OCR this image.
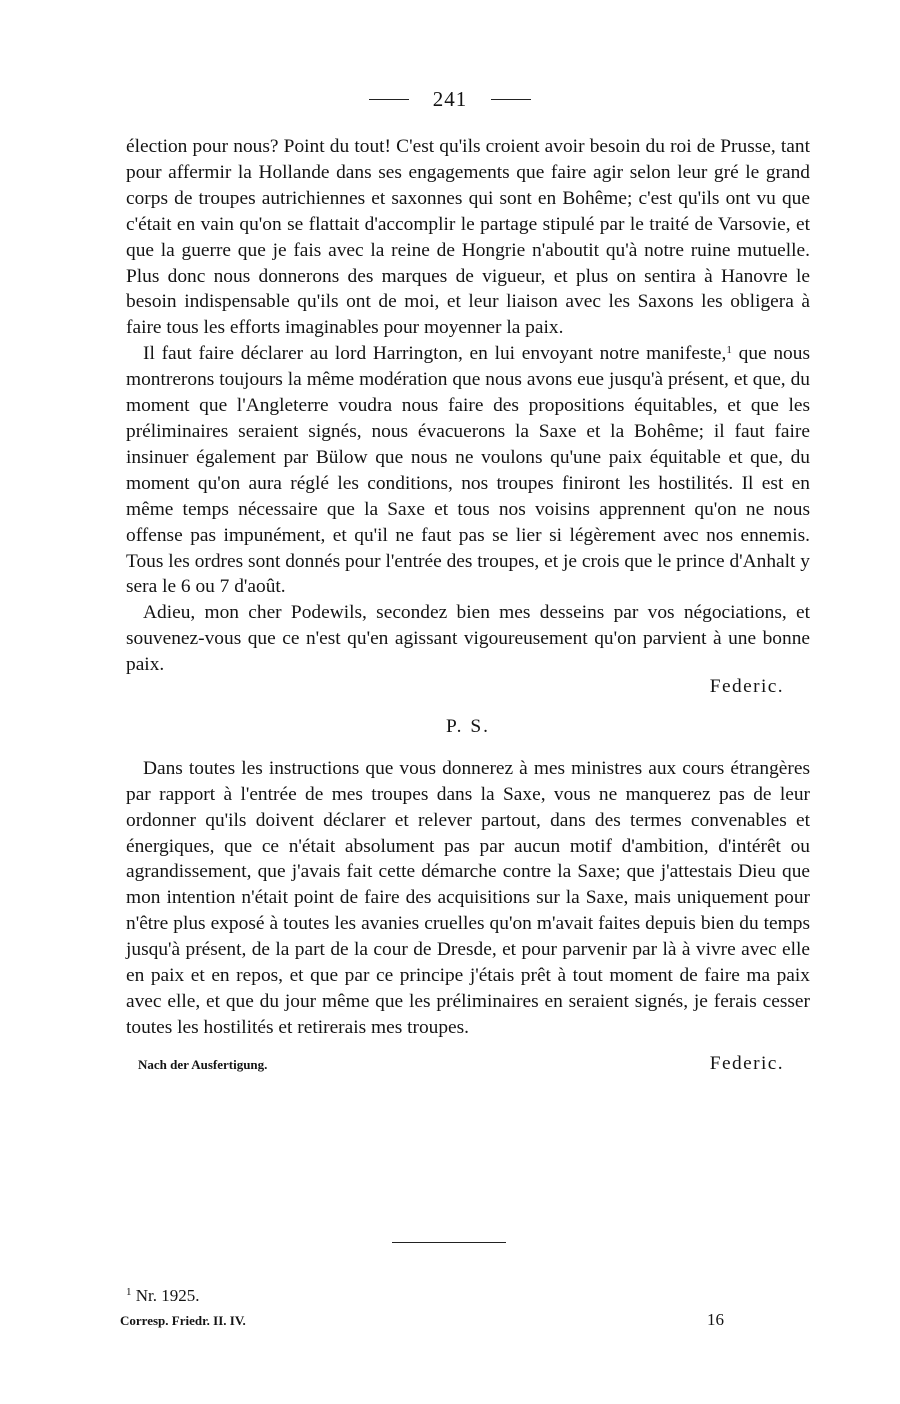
241

élection pour nous? Point du tout! C'est qu'ils croient avoir besoin du roi de Prusse, tant pour affermir la Hollande dans ses engagements que faire agir selon leur gré le grand corps de troupes autrichiennes et saxonnes qui sont en Bohême; c'est qu'ils ont vu que c'était en vain qu'on se flattait d'accomplir le partage stipulé par le traité de Varsovie, et que la guerre que je fais avec la reine de Hongrie n'aboutit qu'à notre ruine mutuelle. Plus donc nous donnerons des marques de vigueur, et plus on sentira à Hanovre le besoin indispensable qu'ils ont de moi, et leur liaison avec les Saxons les obligera à faire tous les efforts imaginables pour moyenner la paix.

Il faut faire déclarer au lord Harrington, en lui envoyant notre manifeste,$^1$ que nous montrerons toujours la même modération que nous avons eue jusqu'à présent, et que, du moment que l'Angleterre voudra nous faire des propositions équitables, et que les préliminaires seraient signés, nous évacuerons la Saxe et la Bohême; il faut faire insinuer également par Bülow que nous ne voulons qu'une paix équitable et que, du moment qu'on aura réglé les conditions, nos troupes finiront les hostilités. Il est en même temps nécessaire que la Saxe et tous nos voisins apprennent qu'on ne nous offense pas impunément, et qu'il ne faut pas se lier si légèrement avec nos ennemis. Tous les ordres sont donnés pour l'entrée des troupes, et je crois que le prince d'Anhalt y sera le 6 ou 7 d'août.

Adieu, mon cher Podewils, secondez bien mes desseins par vos négociations, et souvenez-vous que ce n'est qu'en agissant vigoureusement qu'on parvient à une bonne paix.

Federic.

P. S.

Dans toutes les instructions que vous donnerez à mes ministres aux cours étrangères par rapport à l'entrée de mes troupes dans la Saxe, vous ne manquerez pas de leur ordonner qu'ils doivent déclarer et relever partout, dans des termes convenables et énergiques, que ce n'était absolument pas par aucun motif d'ambition, d'intérêt ou agrandissement, que j'avais fait cette démarche contre la Saxe; que j'attestais Dieu que mon intention n'était point de faire des acquisitions sur la Saxe, mais uniquement pour n'être plus exposé à toutes les avanies cruelles qu'on m'avait faites depuis bien du temps jusqu'à présent, de la part de la cour de Dresde, et pour parvenir par là à vivre avec elle en paix et en repos, et que par ce principe j'étais prêt à tout moment de faire ma paix avec elle, et que du jour même que les préliminaires en seraient signés, je ferais cesser toutes les hostilités et retirerais mes troupes.

Nach der Ausfertigung.	Federic.
$^1$ Nr. 1925.
Corresp. Friedr. II. IV.	16
